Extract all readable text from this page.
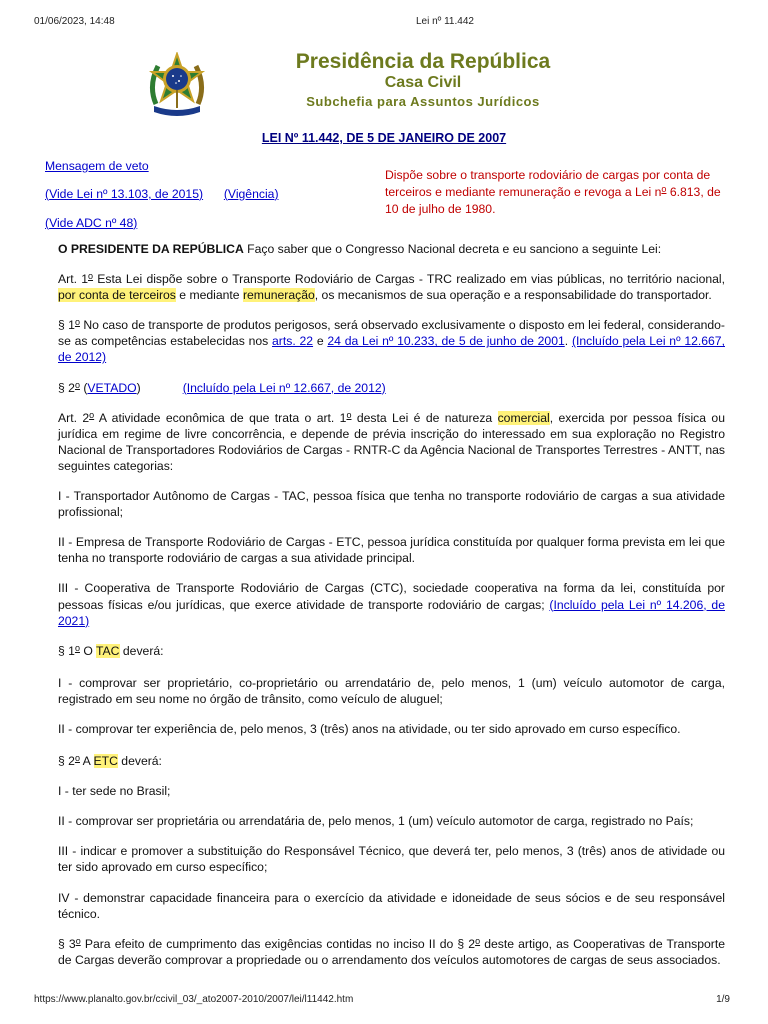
01/06/2023, 14:48	Lei nº 11.442
Presidência da República
Casa Civil
Subchefia para Assuntos Jurídicos
LEI Nº 11.442, DE 5 DE JANEIRO DE 2007
Mensagem de veto
(Vide Lei nº 13.103, de 2015) (Vigência)
(Vide ADC nº 48)
Dispõe sobre o transporte rodoviário de cargas por conta de terceiros e mediante remuneração e revoga a Lei $n^o$ 6.813, de 10 de julho de 1980.

O PRESIDENTE DA REPÚBLICA Faço saber que o Congresso Nacional decreta e eu sanciono a seguinte Lei:

Art. 1$^o$ Esta Lei dispõe sobre o Transporte Rodoviário de Cargas - TRC realizado em vias públicas, no território nacional, por conta de terceiros e mediante remuneração, os mecanismos de sua operação e a responsabilidade do transportador.

§ 1$^o$ No caso de transporte de produtos perigosos, será observado exclusivamente o disposto em lei federal, considerando-se as competências estabelecidas nos arts. 22 e 24 da Lei nº 10.233, de 5 de junho de 2001. (Incluído pela Lei nº 12.667, de 2012)

§ 2$^o$ (VETADO)	(Incluído pela Lei nº 12.667, de 2012)

Art. 2$^o$ A atividade econômica de que trata o art. 1$^o$ desta Lei é de natureza comercial, exercida por pessoa física ou jurídica em regime de livre concorrência, e depende de prévia inscrição do interessado em sua exploração no Registro Nacional de Transportadores Rodoviários de Cargas - RNTR-C da Agência Nacional de Transportes Terrestres - ANTT, nas seguintes categorias:

I - Transportador Autônomo de Cargas - TAC, pessoa física que tenha no transporte rodoviário de cargas a sua atividade profissional;

II - Empresa de Transporte Rodoviário de Cargas - ETC, pessoa jurídica constituída por qualquer forma prevista em lei que tenha no transporte rodoviário de cargas a sua atividade principal.

III - Cooperativa de Transporte Rodoviário de Cargas (CTC), sociedade cooperativa na forma da lei, constituída por pessoas físicas e/ou jurídicas, que exerce atividade de transporte rodoviário de cargas; (Incluído pela Lei nº 14.206, de 2021)

§ 1$^o$ O TAC deverá:

I - comprovar ser proprietário, co-proprietário ou arrendatário de, pelo menos, 1 (um) veículo automotor de carga, registrado em seu nome no órgão de trânsito, como veículo de aluguel;

II - comprovar ter experiência de, pelo menos, 3 (três) anos na atividade, ou ter sido aprovado em curso específico.

§ 2$^o$ A ETC deverá:

I - ter sede no Brasil;

II - comprovar ser proprietária ou arrendatária de, pelo menos, 1 (um) veículo automotor de carga, registrado no País;

III - indicar e promover a substituição do Responsável Técnico, que deverá ter, pelo menos, 3 (três) anos de atividade ou ter sido aprovado em curso específico;

IV - demonstrar capacidade financeira para o exercício da atividade e idoneidade de seus sócios e de seu responsável técnico.

§ 3$^o$ Para efeito de cumprimento das exigências contidas no inciso II do § 2$^o$ deste artigo, as Cooperativas de Transporte de Cargas deverão comprovar a propriedade ou o arrendamento dos veículos automotores de cargas de seus associados.

https://www.planalto.gov.br/ccivil_03/_ato2007-2010/2007/lei/l11442.htm	1/9
